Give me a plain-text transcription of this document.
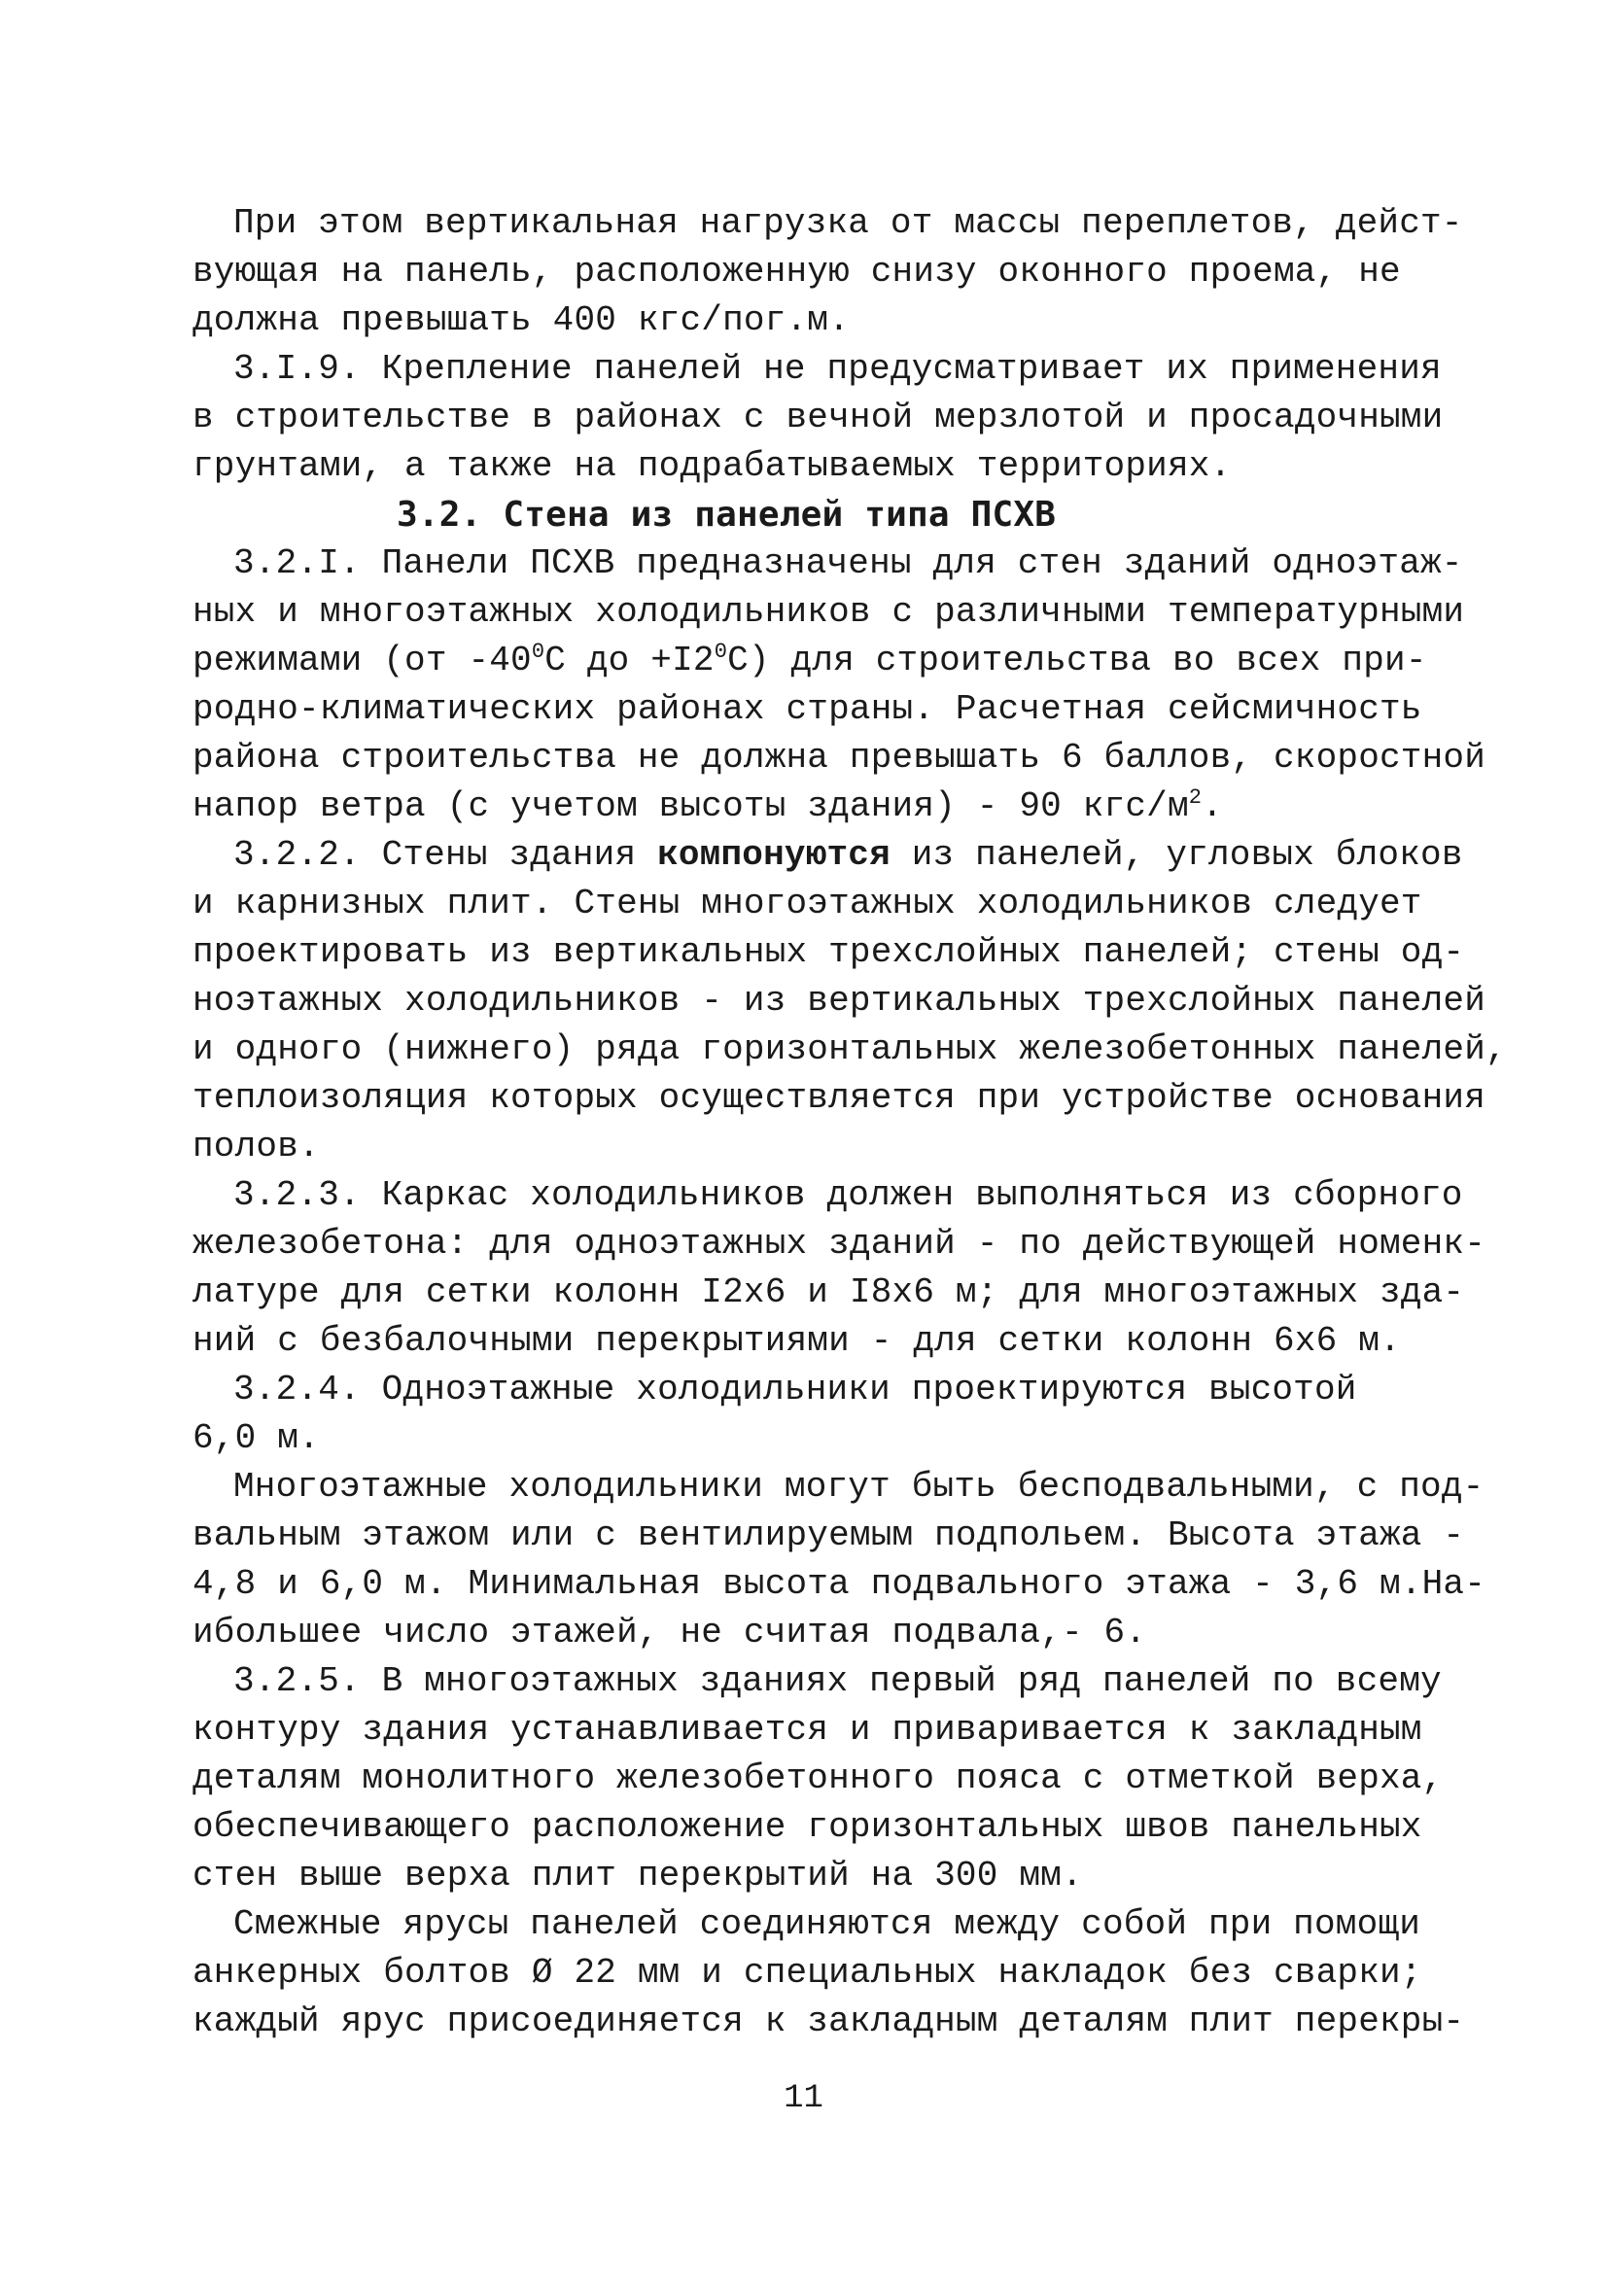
При этом вертикальная нагрузка от массы переплетов, дейст-
вующая на панель, расположенную снизу оконного проема, не
должна превышать 400 кгс/пог.м.
3.I.9. Крепление панелей не предусматривает их применения
в строительстве в районах с вечной мерзлотой и просадочными
грунтами, а также на подрабатываемых территориях.
3.2. Стена из панелей типа ПСХВ
3.2.I. Панели ПСХВ предназначены для стен зданий одноэтаж-
ных и многоэтажных холодильников с различными температурными
режимами (от $-40^0С$ до $+I2^0С$) для строительства во всех при-
родно-климатических районах страны. Расчетная сейсмичность
района строительства не должна превышать 6 баллов, скоростной
напор ветра (с учетом высоты здания) - 90 кгс/$м^2$.
3.2.2. Стены здания компонуются из панелей, угловых блоков
и карнизных плит. Стены многоэтажных холодильников следует
проектировать из вертикальных трехслойных панелей; стены од-
ноэтажных холодильников - из вертикальных трехслойных панелей
и одного (нижнего) ряда горизонтальных железобетонных панелей,
теплоизоляция которых осуществляется при устройстве основания
полов.
3.2.3. Каркас холодильников должен выполняться из сборного
железобетона: для одноэтажных зданий - по действующей номенк-
латуре для сетки колонн I2х6 и I8х6 м; для многоэтажных зда-
ний с безбалочными перекрытиями - для сетки колонн 6х6 м.
3.2.4. Одноэтажные холодильники проектируются высотой
6,0 м.
Многоэтажные холодильники могут быть бесподвальными, с под-
вальным этажом или с вентилируемым подпольем. Высота этажа -
4,8 и 6,0 м. Минимальная высота подвального этажа - 3,6 м.На-
ибольшее число этажей, не считая подвала,- 6.
3.2.5. В многоэтажных зданиях первый ряд панелей по всему
контуру здания устанавливается и приваривается к закладным
деталям монолитного железобетонного пояса с отметкой верха,
обеспечивающего расположение горизонтальных швов панельных
стен выше верха плит перекрытий на 300 мм.
Смежные ярусы панелей соединяются между собой при помощи
анкерных болтов Ø 22 мм и специальных накладок без сварки;
каждый ярус присоединяется к закладным деталям плит перекры-
11
